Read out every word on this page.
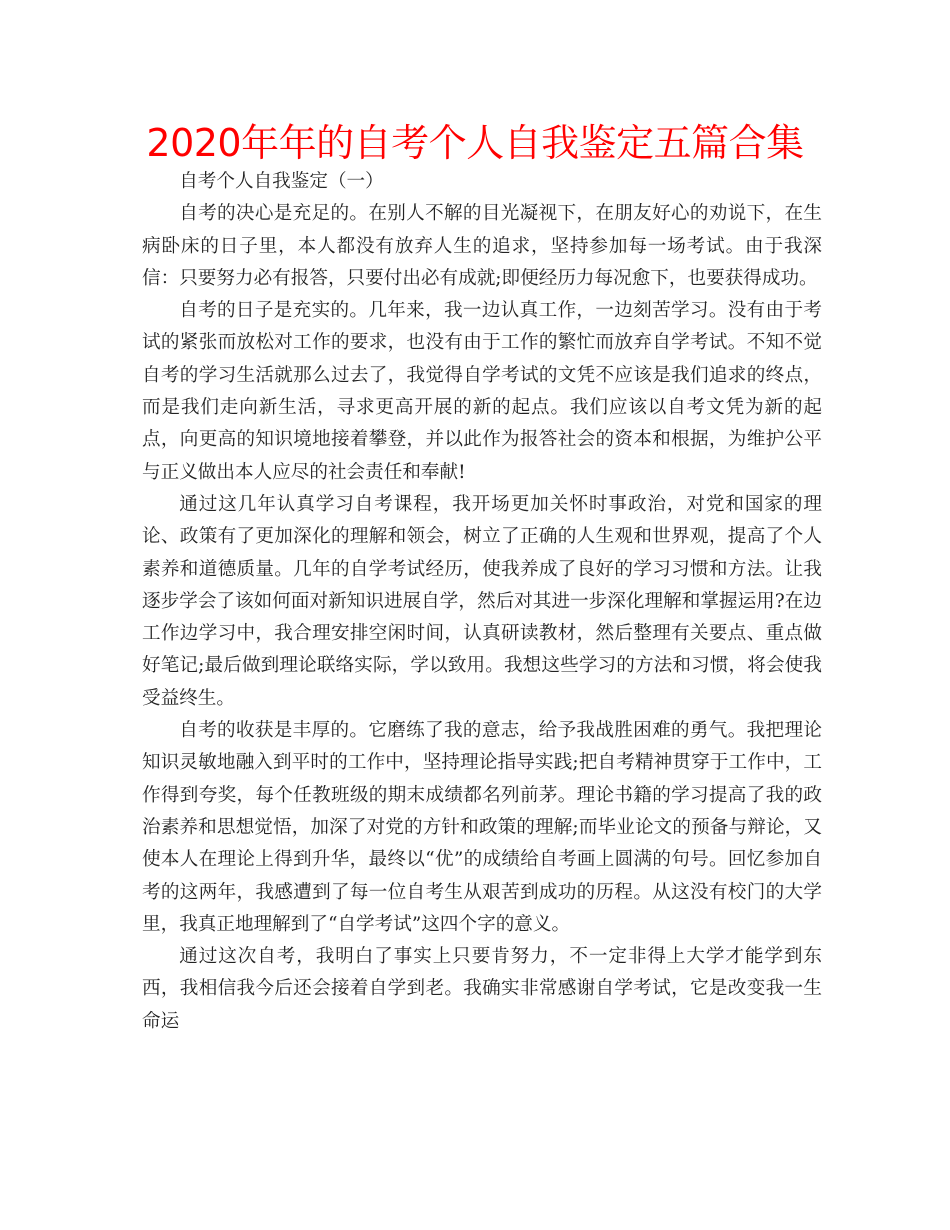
2020年年的自考个人自我鉴定五篇合集

自考个人自我鉴定（一）

自考的决心是充足的。在别人不解的目光凝视下，在朋友好心的劝说下，在生病卧床的日子里，本人都没有放弃人生的追求，坚持参加每一场考试。由于我深信：只要努力必有报答，只要付出必有成就;即便经历力每况愈下，也要获得成功。

自考的日子是充实的。几年来，我一边认真工作，一边刻苦学习。没有由于考试的紧张而放松对工作的要求，也没有由于工作的繁忙而放弃自学考试。不知不觉自考的学习生活就那么过去了，我觉得自学考试的文凭不应该是我们追求的终点，而是我们走向新生活，寻求更高开展的新的起点。我们应该以自考文凭为新的起点，向更高的知识境地接着攀登，并以此作为报答社会的资本和根据，为维护公平与正义做出本人应尽的社会责任和奉献!

通过这几年认真学习自考课程，我开场更加关怀时事政治，对党和国家的理论、政策有了更加深化的理解和领会，树立了正确的人生观和世界观，提高了个人素养和道德质量。几年的自学考试经历，使我养成了良好的学习习惯和方法。让我逐步学会了该如何面对新知识进展自学，然后对其进一步深化理解和掌握运用?在边工作边学习中，我合理安排空闲时间，认真研读教材，然后整理有关要点、重点做好笔记;最后做到理论联络实际，学以致用。我想这些学习的方法和习惯，将会使我受益终生。

自考的收获是丰厚的。它磨练了我的意志，给予我战胜困难的勇气。我把理论知识灵敏地融入到平时的工作中，坚持理论指导实践;把自考精神贯穿于工作中，工作得到夸奖，每个任教班级的期末成绩都名列前茅。理论书籍的学习提高了我的政治素养和思想觉悟，加深了对党的方针和政策的理解;而毕业论文的预备与辩论，又使本人在理论上得到升华，最终以“优”的成绩给自考画上圆满的句号。回忆参加自考的这两年，我感遭到了每一位自考生从艰苦到成功的历程。从这没有校门的大学里，我真正地理解到了“自学考试”这四个字的意义。

通过这次自考，我明白了事实上只要肯努力，不一定非得上大学才能学到东西，我相信我今后还会接着自学到老。我确实非常感谢自学考试，它是改变我一生命运
